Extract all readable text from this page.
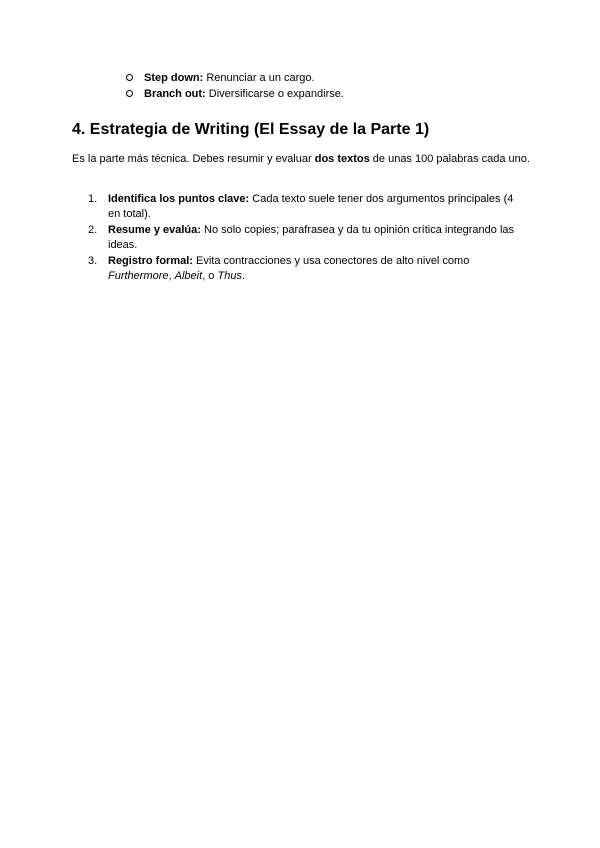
Step down: Renunciar a un cargo.
Branch out: Diversificarse o expandirse.
4. Estrategia de Writing (El Essay de la Parte 1)

Es la parte más técnica. Debes resumir y evaluar dos textos de unas 100 palabras cada uno.

1. Identifica los puntos clave: Cada texto suele tener dos argumentos principales (4 en total).
2. Resume y evalúa: No solo copies; parafrasea y da tu opinión crítica integrando las ideas.
3. Registro formal: Evita contracciones y usa conectores de alto nivel como Furthermore, Albeit, o Thus.
